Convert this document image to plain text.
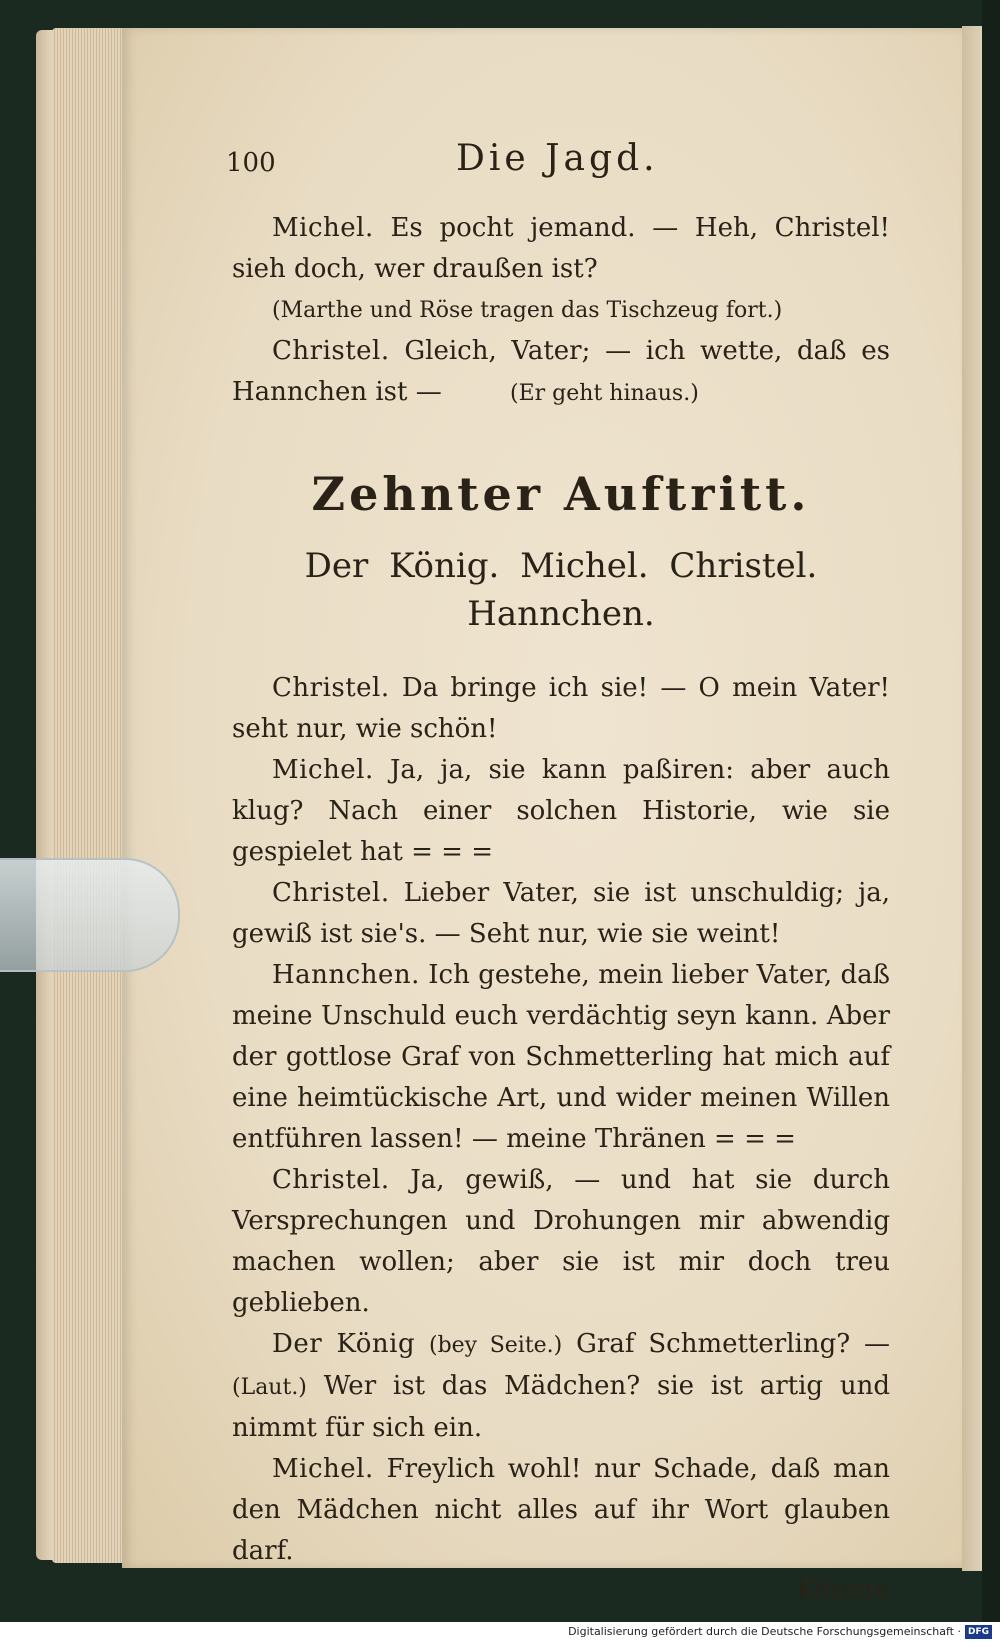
100	Die Jagd.

Michel. Es pocht jemand. — Heh, Christel! sieh doch, wer draußen ist?

(Marthe und Röse tragen das Tischzeug fort.)

Christel. Gleich, Vater; — ich wette, daß es Hannchen ist —	(Er geht hinaus.)

Zehnter Auftritt.

Der König. Michel. Christel. Hannchen.

Christel. Da bringe ich sie! — O mein Vater! seht nur, wie schön!

Michel. Ja, ja, sie kann paßiren: aber auch klug? Nach einer solchen Historie, wie sie gespielet hat = = =

Christel. Lieber Vater, sie ist unschuldig; ja, gewiß ist sie's. — Seht nur, wie sie weint!

Hannchen. Ich gestehe, mein lieber Vater, daß meine Unschuld euch verdächtig seyn kann. Aber der gottlose Graf von Schmetterling hat mich auf eine heimtückische Art, und wider meinen Willen entführen lassen! — meine Thränen = = =

Christel. Ja, gewiß, — und hat sie durch Versprechungen und Drohungen mir abwendig machen wollen; aber sie ist mir doch treu geblieben.

Der König (bey Seite.) Graf Schmetterling? — (Laut.) Wer ist das Mädchen? sie ist artig und nimmt für sich ein.

Michel. Freylich wohl! nur Schade, daß man den Mädchen nicht alles auf ihr Wort glauben darf.

Könnte

Digitalisierung gefördert durch die Deutsche Forschungsgemeinschaft · DFG
